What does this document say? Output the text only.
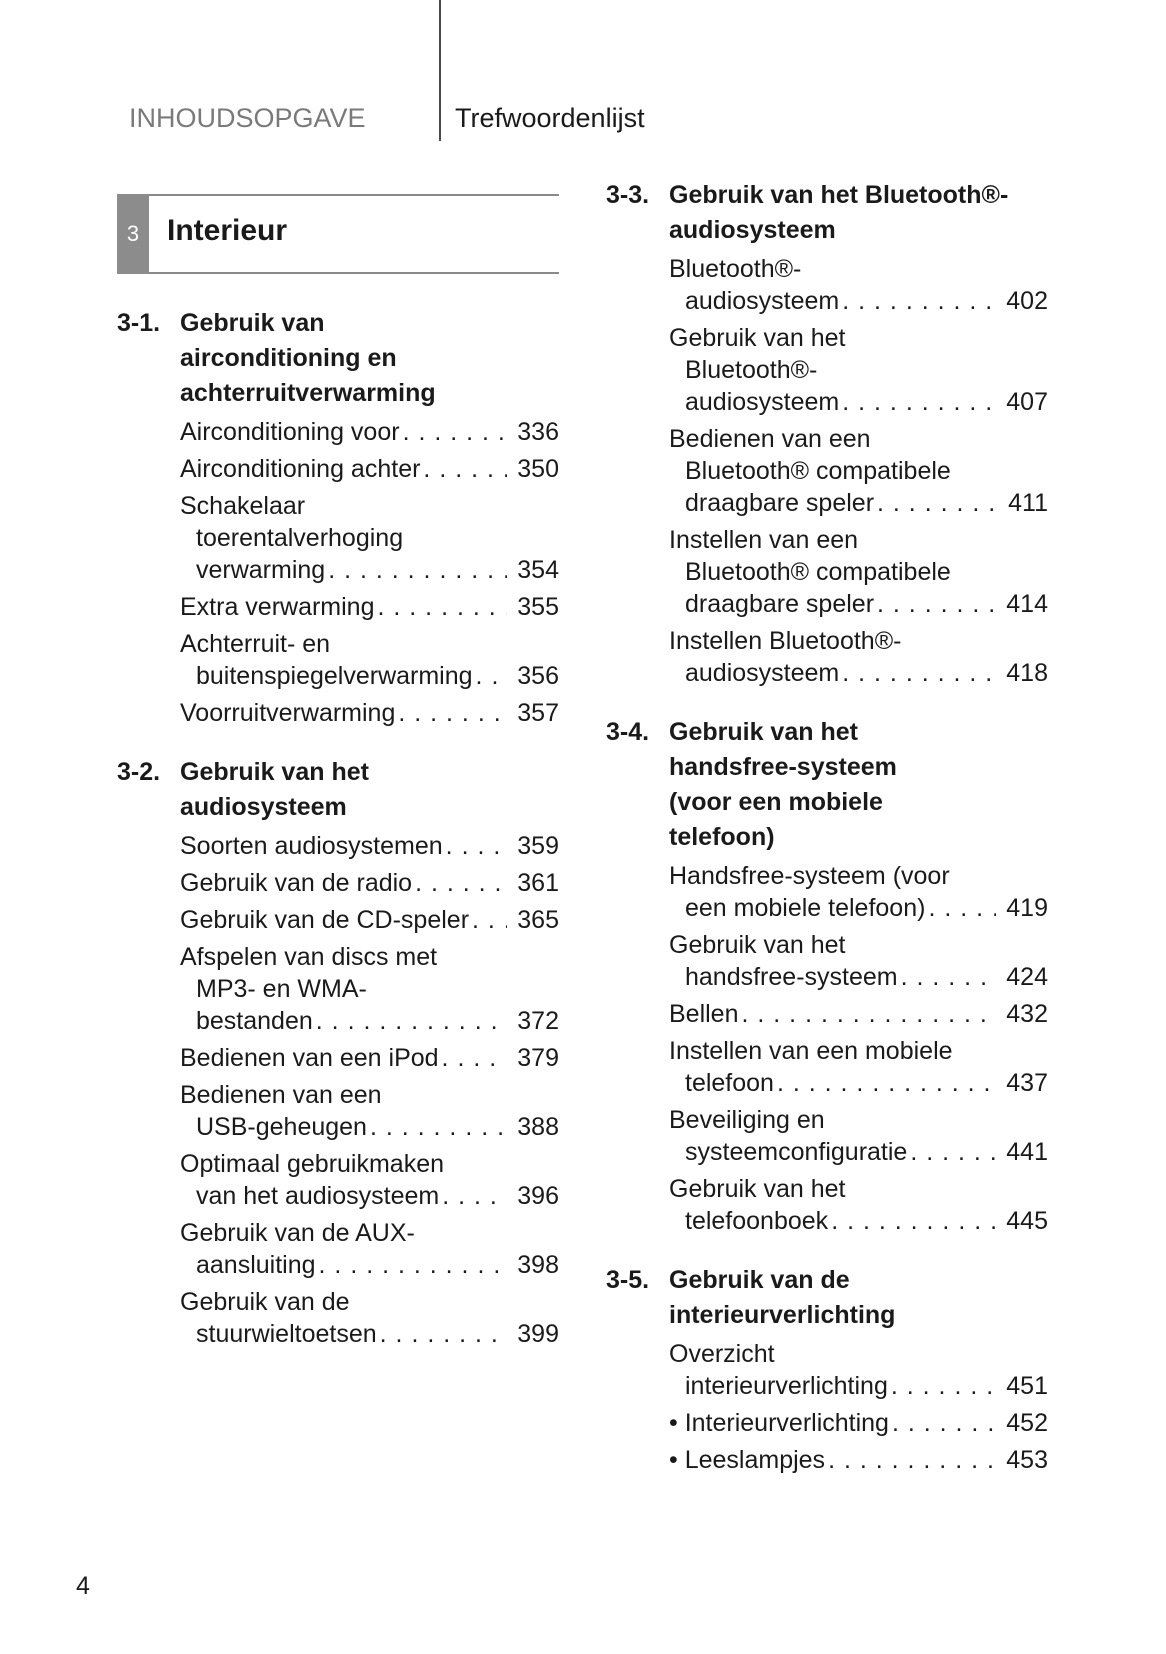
INHOUDSOPGAVE	Trefwoordenlijst
3 Interieur
3-1. Gebruik van
airconditioning en
achterruitverwarming
Airconditioning voor . . .	336
Airconditioning achter . . .	350
Schakelaar
toerentalverhoging
verwarming . . .	354
Extra verwarming . . .	355
Achterruit- en
buitenspiegelverwarming . . . 356
Voorruitverwarming . . .	357
3-2. Gebruik van het
audiosysteem
Soorten audiosystemen . . .	359
Gebruik van de radio . . .	361
Gebruik van de CD-speler . . . 365
Afspelen van discs met
MP3- en WMA-
bestanden . . .	372
Bedienen van een iPod . . .	379
Bedienen van een
USB-geheugen . . .	388
Optimaal gebruikmaken
van het audiosysteem . . .	396
Gebruik van de AUX-
aansluiting . . .	398
Gebruik van de
stuurwieltoetsen . . .	399
3-3. Gebruik van het Bluetooth®-
audiosysteem
Bluetooth®-
audiosysteem . . .	402
Gebruik van het
Bluetooth®-
audiosysteem . . .	407
Bedienen van een
Bluetooth® compatibele
draagbare speler . . .	411
Instellen van een
Bluetooth® compatibele
draagbare speler . . .	414
Instellen Bluetooth®-
audiosysteem . . .	418
3-4. Gebruik van het
handsfree-systeem
(voor een mobiele
telefoon)
Handsfree-systeem (voor
een mobiele telefoon) . . .	419
Gebruik van het
handsfree-systeem . . .	424
Bellen . . .	432
Instellen van een mobiele
telefoon . . .	437
Beveiliging en
systeemconfiguratie . . .	441
Gebruik van het
telefoonboek . . .	445
3-5. Gebruik van de
interieurverlichting
Overzicht
interieurverlichting . . .	451
• Interieurverlichting . . .	452
• Leeslampjes . . .	453
4
